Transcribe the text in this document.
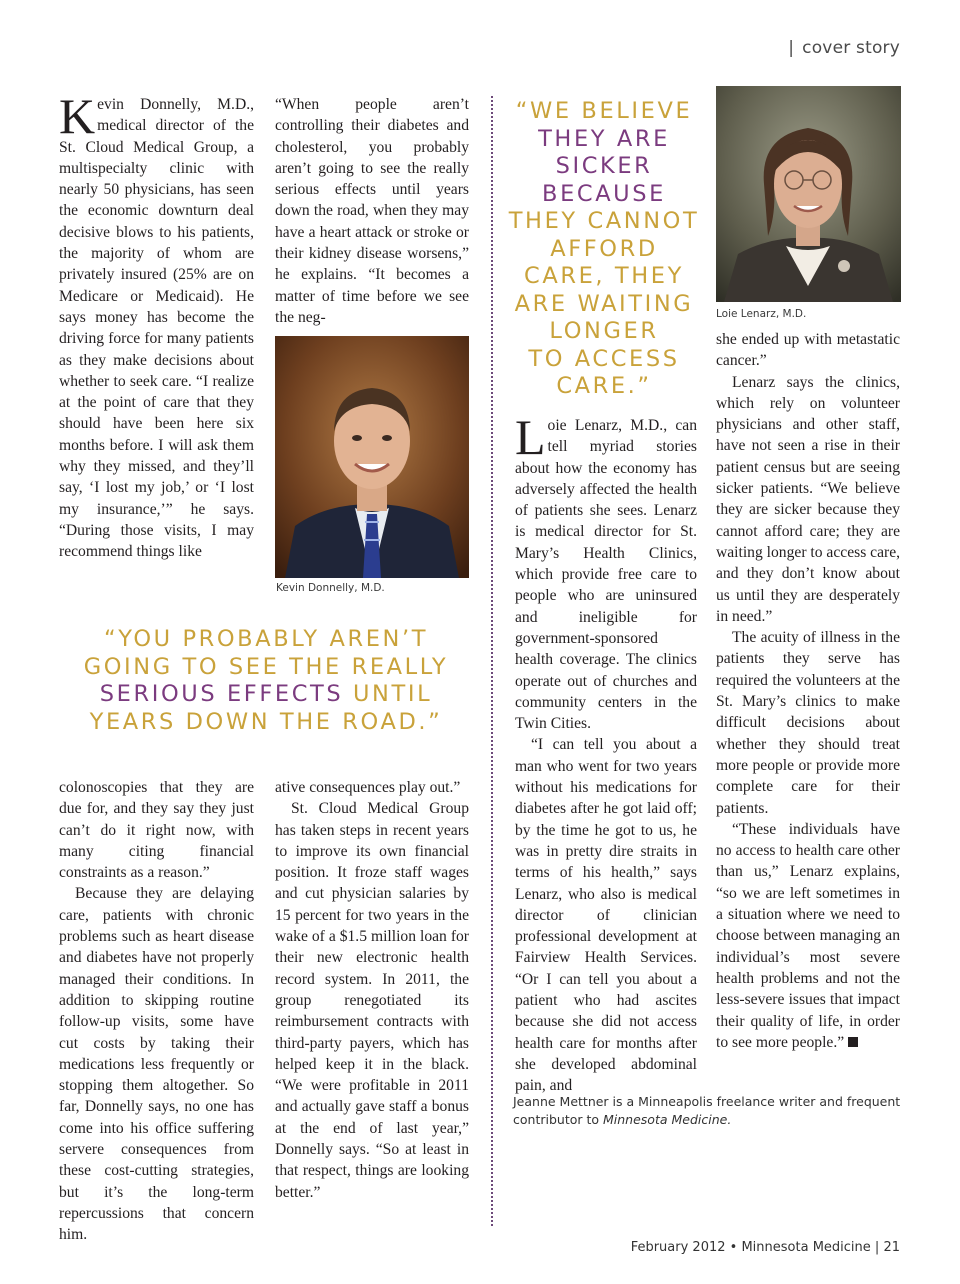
| cover story

Kevin Donnelly, M.D., medical director of the St. Cloud Medical Group, a multispecialty clinic with nearly 50 physicians, has seen the economic downturn deal decisive blows to his patients, the majority of whom are privately insured (25% are on Medicare or Medicaid). He says money has become the driving force for many patients as they make decisions about whether to seek care. “I realize at the point of care that they should have been here six months before. I will ask them why they missed, and they’ll say, ‘I lost my job,’ or ‘I lost my insurance,’” he says. “During those visits, I may recommend things like

“When people aren’t controlling their diabetes and cholesterol, you probably aren’t going to see the really serious effects until years down the road, when they may have a heart attack or stroke or their kidney disease worsens,” he explains. “It becomes a matter of time before we see the neg-

Kevin Donnelly, M.D.
“YOU PROBABLY AREN’T GOING TO SEE THE REALLY SERIOUS EFFECTS UNTIL YEARS DOWN THE ROAD.”

colonoscopies that they are due for, and they say they just can’t do it right now, with many citing financial constraints as a reason.”

Because they are delaying care, patients with chronic problems such as heart disease and diabetes have not properly managed their conditions. In addition to skipping routine follow-up visits, some have cut costs by taking their medications less frequently or stopping them altogether. So far, Donnelly says, no one has come into his office suffering servere consequences from these cost-cutting strategies, but it’s the long-term repercussions that concern him.

ative consequences play out.”

St. Cloud Medical Group has taken steps in recent years to improve its own financial position. It froze staff wages and cut physician salaries by 15 percent for two years in the wake of a $1.5 million loan for their new electronic health record system. In 2011, the group renegotiated its reimbursement contracts with third-party payers, which has helped keep it in the black. “We were profitable in 2011 and actually gave staff a bonus at the end of last year,” Donnelly says. “So at least in that respect, things are looking better.”

“WE BELIEVE
THEY ARE
SICKER
BECAUSE
THEY CANNOT
AFFORD
CARE, THEY
ARE WAITING
LONGER
TO ACCESS
CARE.”
Loie Lenarz, M.D.

Loie Lenarz, M.D., can tell myriad stories about how the economy has adversely affected the health of patients she sees. Lenarz is medical director for St. Mary’s Health Clinics, which provide free care to people who are uninsured and ineligible for government-sponsored health coverage. The clinics operate out of churches and community centers in the Twin Cities.

“I can tell you about a man who went for two years without his medications for diabetes after he got laid off; by the time he got to us, he was in pretty dire straits in terms of his health,” says Lenarz, who also is medical director of clinician professional development at Fairview Health Services. “Or I can tell you about a patient who had ascites because she did not access health care for months after she developed abdominal pain, and

she ended up with metastatic cancer.”

Lenarz says the clinics, which rely on volunteer physicians and other staff, have not seen a rise in their patient census but are seeing sicker patients. “We believe they are sicker because they cannot afford care; they are waiting longer to access care, and they don’t know about us until they are desperately in need.”

The acuity of illness in the patients they serve has required the volunteers at the St. Mary’s clinics to make difficult decisions about whether they should treat more people or provide more complete care for their patients.

“These individuals have no access to health care other than us,” Lenarz explains, “so we are left sometimes in a situation where we need to choose between managing an individual’s most severe health problems and not the less-severe issues that impact their quality of life, in order to see more people.”

Jeanne Mettner is a Minneapolis freelance writer and frequent contributor to Minnesota Medicine.
February 2012 • Minnesota Medicine | 21
